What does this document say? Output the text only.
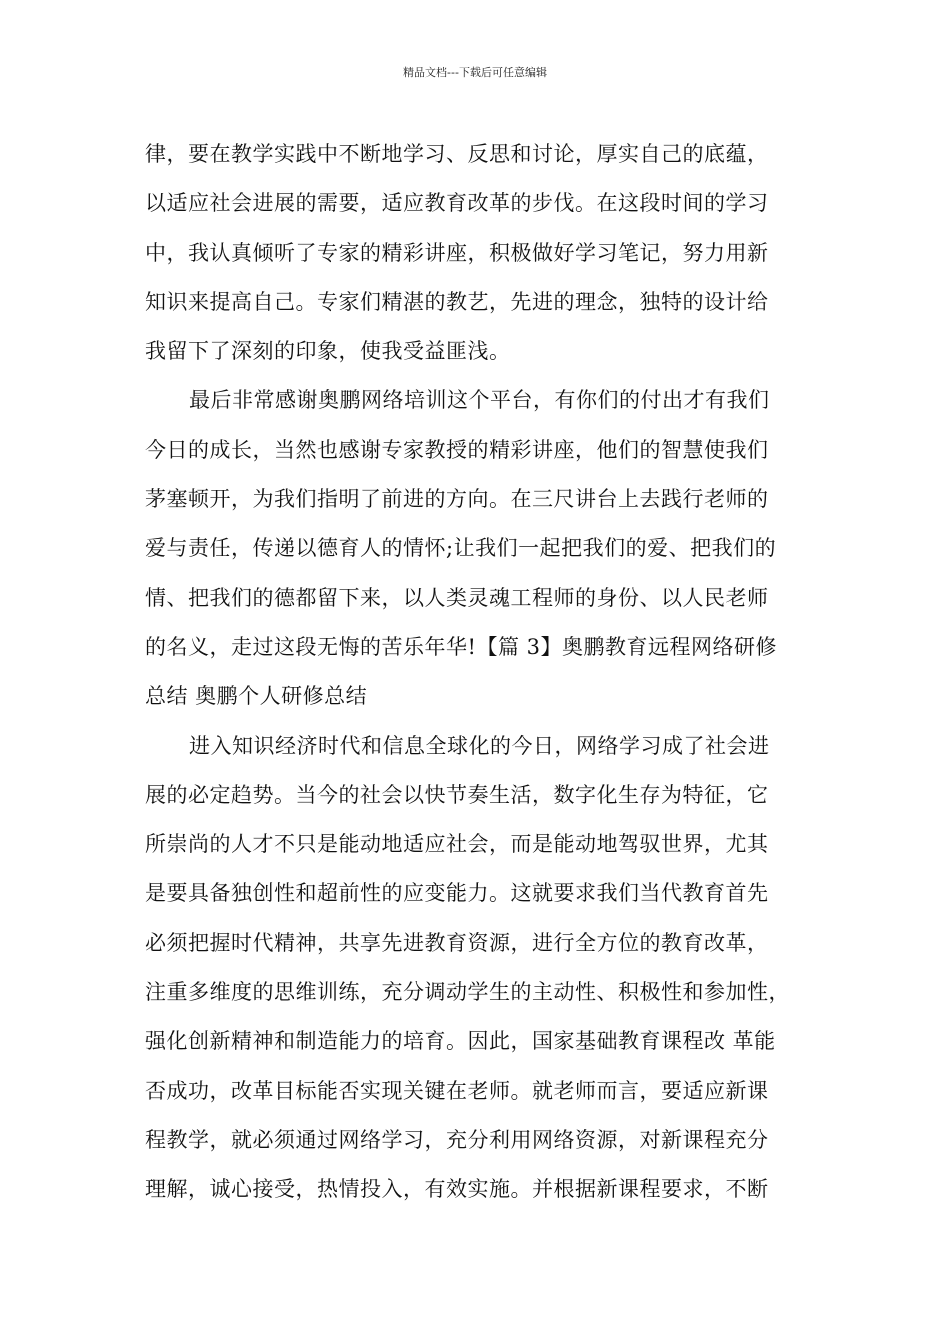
精品文档---下载后可任意编辑
律，要在教学实践中不断地学习、反思和讨论，厚实自己的底蕴，
以适应社会进展的需要，适应教育改革的步伐。在这段时间的学习
中，我认真倾听了专家的精彩讲座，积极做好学习笔记，努力用新
知识来提高自己。专家们精湛的教艺，先进的理念，独特的设计给
我留下了深刻的印象，使我受益匪浅。
最后非常感谢奥鹏网络培训这个平台，有你们的付出才有我们
今日的成长，当然也感谢专家教授的精彩讲座，他们的智慧使我们
茅塞顿开，为我们指明了前进的方向。在三尺讲台上去践行老师的
爱与责任，传递以德育人的情怀;让我们一起把我们的爱、把我们的
情、把我们的德都留下来，以人类灵魂工程师的身份、以人民老师
的名义，走过这段无悔的苦乐年华!【篇 3】奥鹏教育远程网络研修
总结 奥鹏个人研修总结
进入知识经济时代和信息全球化的今日，网络学习成了社会进
展的必定趋势。当今的社会以快节奏生活，数字化生存为特征，它
所崇尚的人才不只是能动地适应社会，而是能动地驾驭世界，尤其
是要具备独创性和超前性的应变能力。这就要求我们当代教育首先
必须把握时代精神，共享先进教育资源，进行全方位的教育改革，
注重多维度的思维训练，充分调动学生的主动性、积极性和参加性，
强化创新精神和制造能力的培育。因此，国家基础教育课程改 革能
否成功，改革目标能否实现关键在老师。就老师而言，要适应新课
程教学，就必须通过网络学习，充分利用网络资源，对新课程充分
理解，诚心接受，热情投入，有效实施。并根据新课程要求，不断
